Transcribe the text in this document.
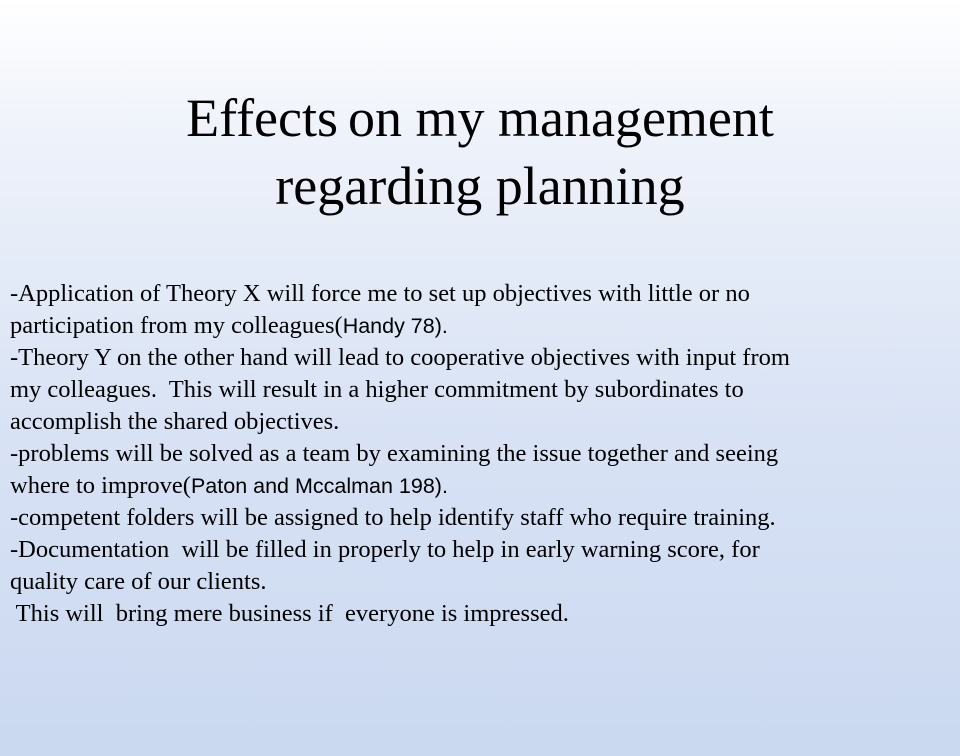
Effects on my management
regarding planning
-Application of Theory X will force me to set up objectives with little or no
participation from my colleagues(Handy 78).
-Theory Y on the other hand will lead to cooperative objectives with input from
my colleagues.  This will result in a higher commitment by subordinates to
accomplish the shared objectives.
-problems will be solved as a team by examining the issue together and seeing
where to improve(Paton and Mccalman 198).
-competent folders will be assigned to help identify staff who require training.
-Documentation  will be filled in properly to help in early warning score, for
quality care of our clients.
This will  bring mere business if  everyone is impressed.
